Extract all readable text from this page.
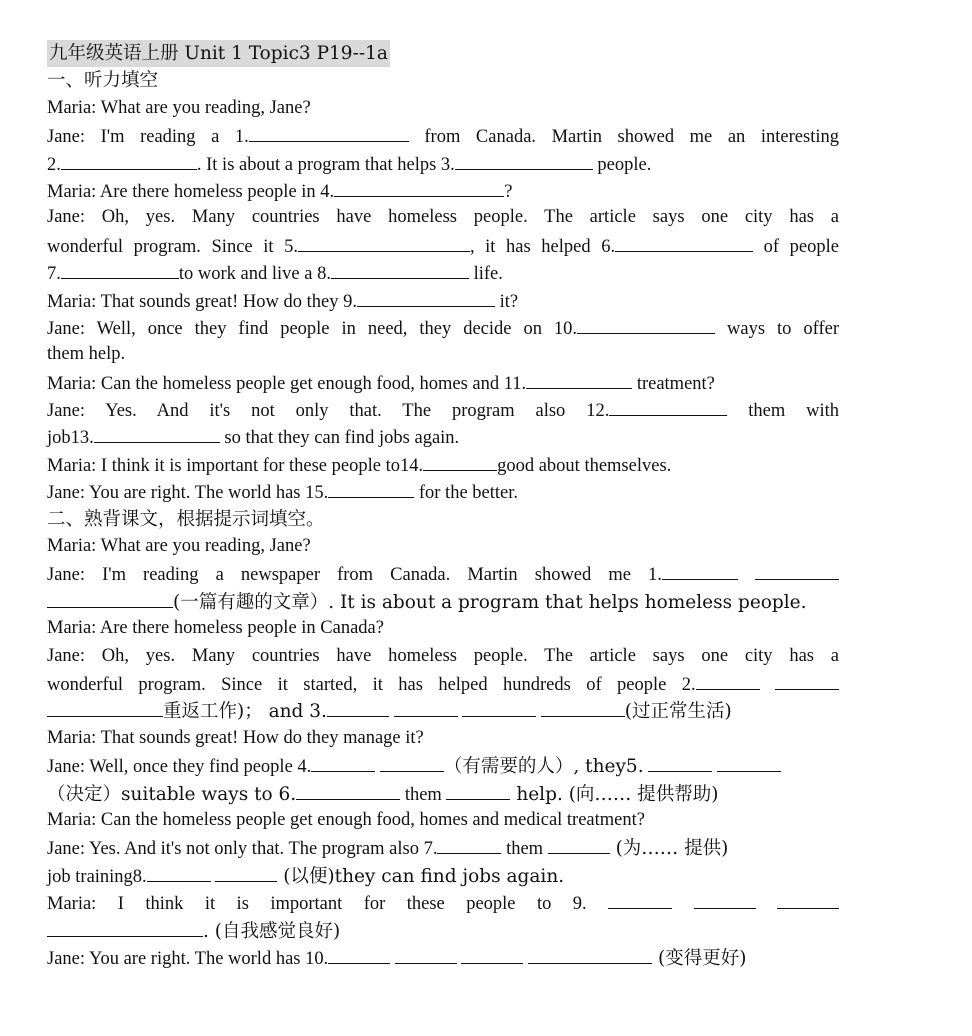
九年级英语上册 Unit 1 Topic3 P19--1a
一、听力填空
Maria: What are you reading, Jane?
Jane: I'm reading a 1.	from Canada. Martin showed me an interesting
2.	. It is about a program that helps 3.	people.
Maria: Are there homeless people in 4.	?
Jane: Oh, yes. Many countries have homeless people. The article says one city has a
wonderful program. Since it 5.	, it has helped 6.	of people
7.	to work and live a 8.	life.
Maria: That sounds great! How do they 9.	it?
Jane: Well, once they find people in need, they decide on 10.	ways to offer
them help.
Maria: Can the homeless people get enough food, homes and 11.	treatment?
Jane: Yes. And it's not only that. The program also 12.	them with
job13.	so that they can find jobs again.
Maria: I think it is important for these people to14.	good about themselves.
Jane: You are right. The world has 15.	for the better.
二、熟背课文，根据提示词填空。
Maria: What are you reading, Jane?
Jane: I'm reading a newspaper from Canada. Martin showed me 1.
(一篇有趣的文章）. It is about a program that helps homeless people.
Maria: Are there homeless people in Canada?
Jane: Oh, yes. Many countries have homeless people. The article says one city has a
wonderful program. Since it started, it has helped hundreds of people 2.
重返工作)； and 3.	(过正常生活)
Maria: That sounds great! How do they manage it?
Jane: Well, once they find people 4.	（有需要的人）, they5.
（决定）suitable ways to 6.	them	help. (向…… 提供帮助)
Maria: Can the homeless people get enough food, homes and medical treatment?
Jane: Yes. And it's not only that. The program also 7.	them	(为…… 提供)
job training8.	(以便)they can find jobs again.
Maria: I think it is important for these people to 9.
. (自我感觉良好)
Jane: You are right. The world has 10.	(变得更好)
